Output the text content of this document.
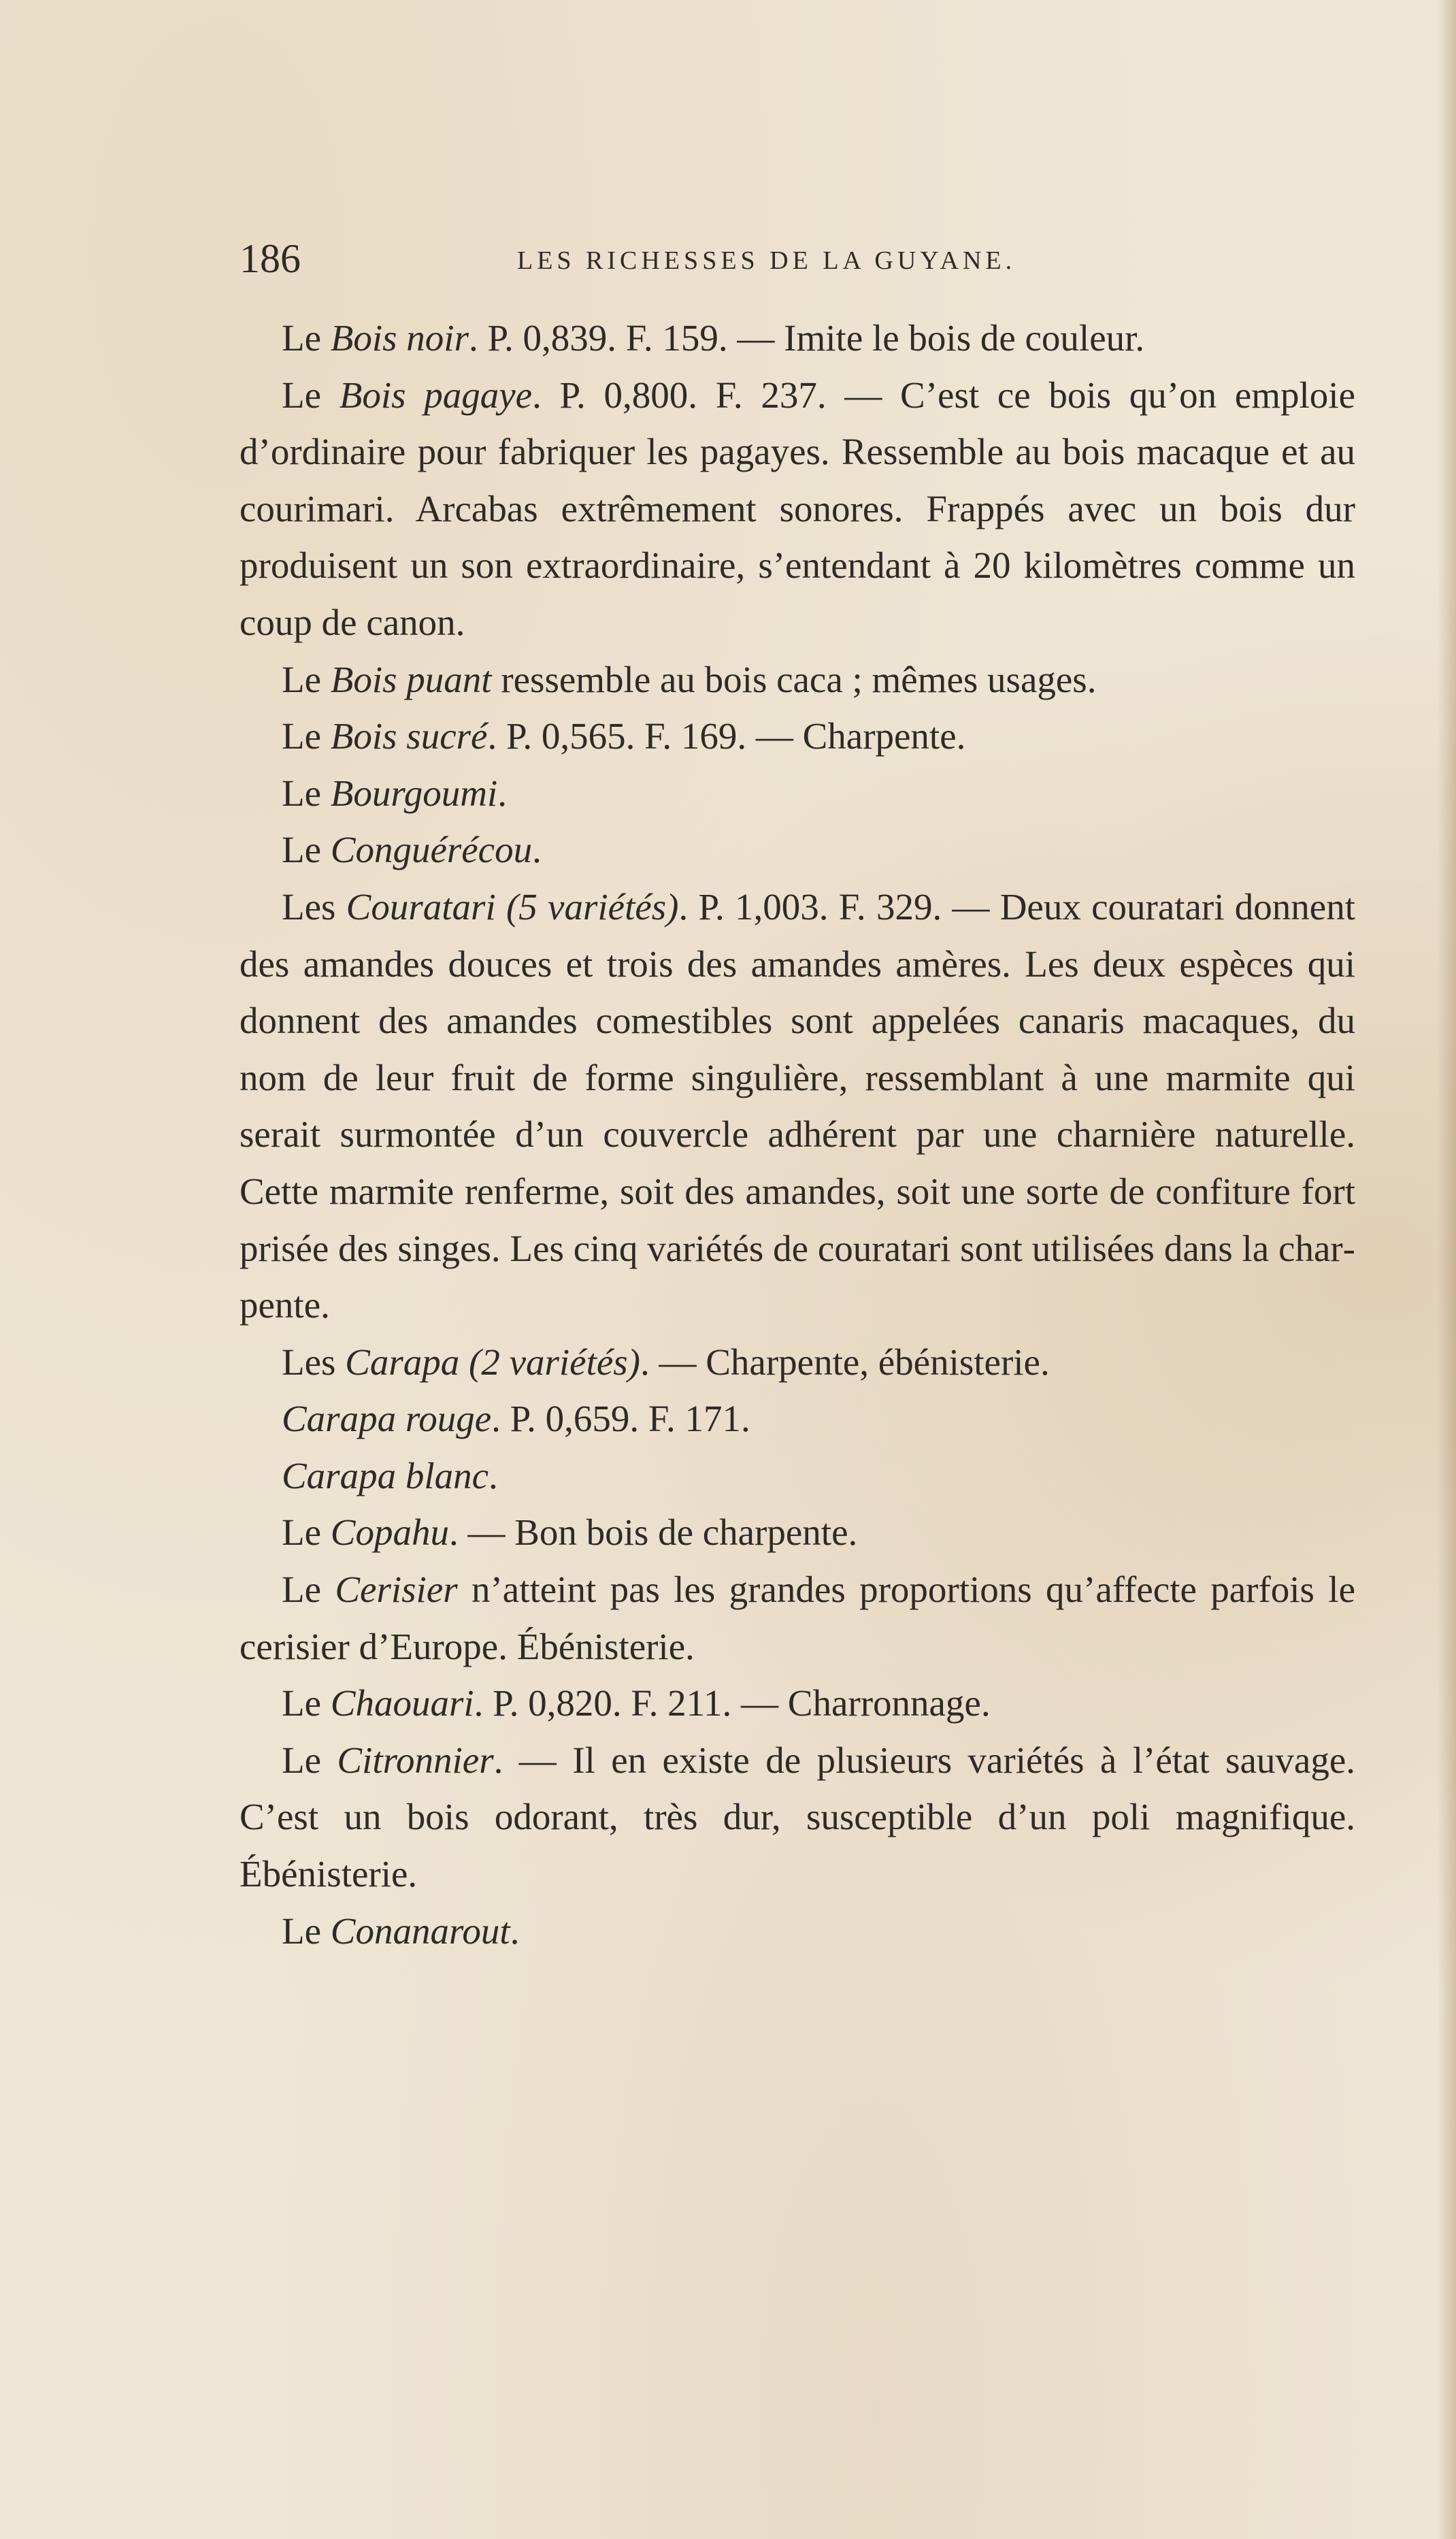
186	LES RICHESSES DE LA GUYANE.

Le Bois noir. P. 0,839. F. 159. — Imite le bois de couleur.

Le Bois pagaye. P. 0,800. F. 237. — C’est ce bois qu’on emploie d’ordinaire pour fabriquer les pagayes. Ressemble au bois macaque et au courimari. Arcabas extrêmement sonores. Frappés avec un bois dur produisent un son extraordinaire, s’entendant à 20 kilomètres comme un coup de canon.

Le Bois puant ressemble au bois caca ; mêmes usages.

Le Bois sucré. P. 0,565. F. 169. — Charpente.

Le Bourgoumi.

Le Conguérécou.

Les Couratari (5 variétés). P. 1,003. F. 329. — Deux couratari donnent des amandes douces et trois des amandes amères. Les deux espèces qui donnent des amandes comestibles sont appelées canaris macaques, du nom de leur fruit de forme singulière, ressemblant à une marmite qui serait surmontée d’un couvercle adhérent par une charnière naturelle. Cette marmite renferme, soit des amandes, soit une sorte de confiture fort prisée des singes. Les cinq variétés de couratari sont utilisées dans la charpente.

Les Carapa (2 variétés). — Charpente, ébénisterie.

Carapa rouge. P. 0,659. F. 171.

Carapa blanc.

Le Copahu. — Bon bois de charpente.

Le Cerisier n’atteint pas les grandes proportions qu’affecte parfois le cerisier d’Europe. Ébénisterie.

Le Chaouari. P. 0,820. F. 211. — Charronnage.

Le Citronnier. — Il en existe de plusieurs variétés à l’état sauvage. C’est un bois odorant, très dur, susceptible d’un poli magnifique. Ébénisterie.

Le Conanarout.
